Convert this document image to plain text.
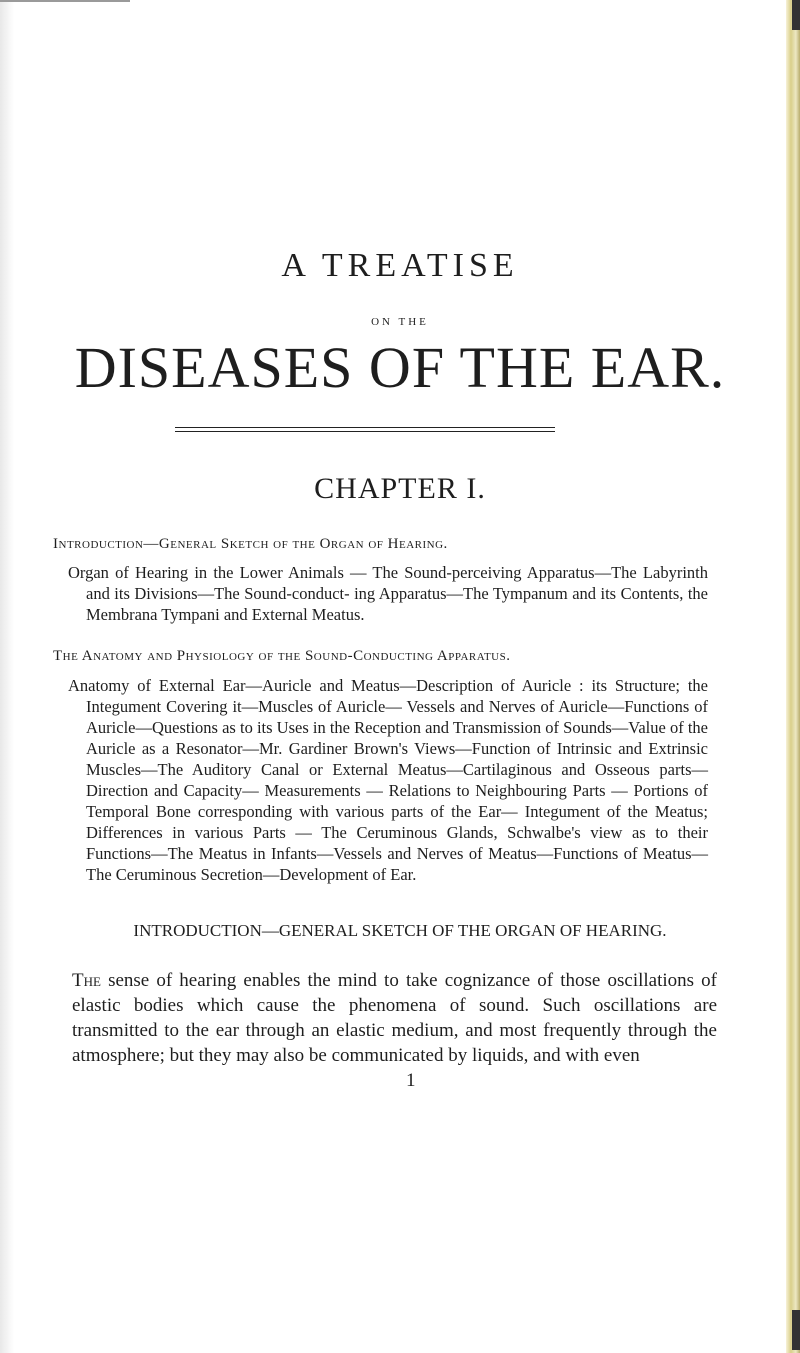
A TREATISE
ON THE
DISEASES OF THE EAR.
CHAPTER I.
Introduction—General Sketch of the Organ of Hearing.
Organ of Hearing in the Lower Animals — The Sound-perceiving Apparatus—The Labyrinth and its Divisions—The Sound-conduct- ing Apparatus—The Tympanum and its Contents, the Membrana Tympani and External Meatus.
The Anatomy and Physiology of the Sound-Conducting Apparatus.
Anatomy of External Ear—Auricle and Meatus—Description of Auricle : its Structure; the Integument Covering it—Muscles of Auricle— Vessels and Nerves of Auricle—Functions of Auricle—Questions as to its Uses in the Reception and Transmission of Sounds—Value of the Auricle as a Resonator—Mr. Gardiner Brown's Views—Function of Intrinsic and Extrinsic Muscles—The Auditory Canal or External Meatus—Cartilaginous and Osseous parts—Direction and Capacity— Measurements — Relations to Neighbouring Parts — Portions of Temporal Bone corresponding with various parts of the Ear— Integument of the Meatus; Differences in various Parts — The Ceruminous Glands, Schwalbe's view as to their Functions—The Meatus in Infants—Vessels and Nerves of Meatus—Functions of Meatus—The Ceruminous Secretion—Development of Ear.
INTRODUCTION—GENERAL SKETCH OF THE ORGAN OF HEARING.
The sense of hearing enables the mind to take cognizance of those oscillations of elastic bodies which cause the phenomena of sound. Such oscillations are transmitted to the ear through an elastic medium, and most frequently through the atmosphere; but they may also be communicated by liquids, and with even
1
